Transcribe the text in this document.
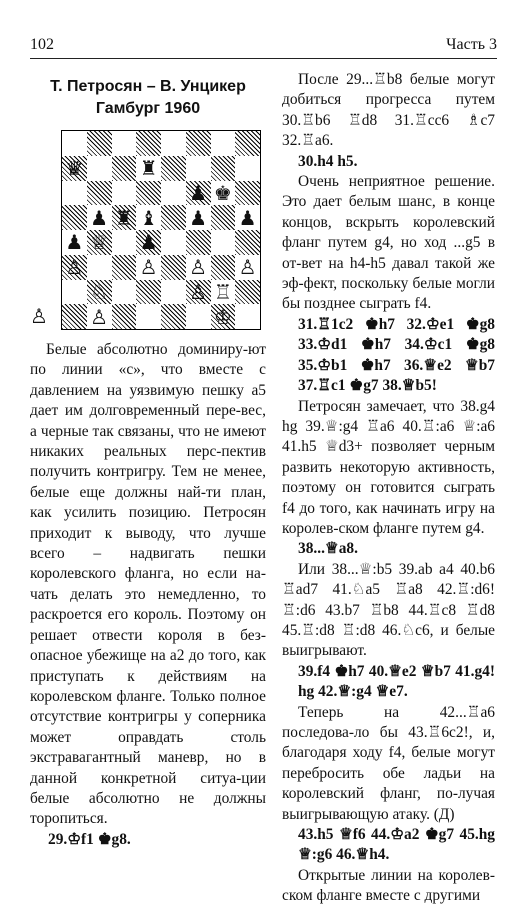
102	Часть 3
Т. Петросян – В. Унцикер
Гамбург 1960
♛	♜
♟ ♚
♟ ♜ ♝ ♟ ♟
♟ ♕ ♟
♙	♙ ♙ ♙
♘	♙ ♖
♙	♔
♙

Белые абсолютно доминиру-ют по линии «с», что вместе с давлением на уязвимую пешку а5 дает им долговременный пере-вес, а черные так связаны, что не имеют никаких реальных перс-пектив получить контригру. Тем не менее, белые еще должны най-ти план, как усилить позицию. Петросян приходит к выводу, что лучше всего – надвигать пешки королевского фланга, но если на-чать делать это немедленно, то раскроется его король. Поэтому он решает отвести короля в без-опасное убежище на а2 до того, как приступать к действиям на королевском фланге. Только полное отсутствие контригры у соперника может оправдать столь экстравагантный маневр, но в данной конкретной ситуа-ции белые абсолютно не должны торопиться.

29.♔f1 ♚g8.

После 29...♖b8 белые могут добиться прогресса путем 30.♖b6 ♖d8 31.♖cc6 ♗c7 32.♖a6.

30.h4 h5.

Очень неприятное решение. Это дает белым шанс, в конце концов, вскрыть королевский фланг путем g4, но ход ...g5 в от-вет на h4-h5 давал такой же эф-фект, поскольку белые могли бы позднее сыграть f4.

31.♖1c2 ♚h7 32.♔e1 ♚g8 33.♔d1 ♚h7 34.♔c1 ♚g8 35.♔b1 ♚h7 36.♕e2 ♕b7 37.♖c1 ♚g7 38.♕b5!

Петросян замечает, что 38.g4 hg 39.♕:g4 ♖a6 40.♖:a6 ♕:a6 41.h5 ♕d3+ позволяет черным развить некоторую активность, поэтому он готовится сыграть f4 до того, как начинать игру на королев-ском фланге путем g4.

38...♕a8.

Или 38...♕:b5 39.ab a4 40.b6 ♖ad7 41.♘a5 ♖a8 42.♖:d6! ♖:d6 43.b7 ♖b8 44.♖c8 ♖d8 45.♖:d8 ♖:d8 46.♘c6, и белые выигрывают.

39.f4 ♚h7 40.♕e2 ♕b7 41.g4! hg 42.♕:g4 ♕e7.

Теперь на 42...♖a6 последова-ло бы 43.♖6c2!, и, благодаря ходу f4, белые могут перебросить обе ладьи на королевский фланг, по-лучая выигрывающую атаку. (Д)

43.h5 ♕f6 44.♔a2 ♚g7 45.hg ♕:g6 46.♕h4.

Открытые линии на королев-ском фланге вместе с другими
